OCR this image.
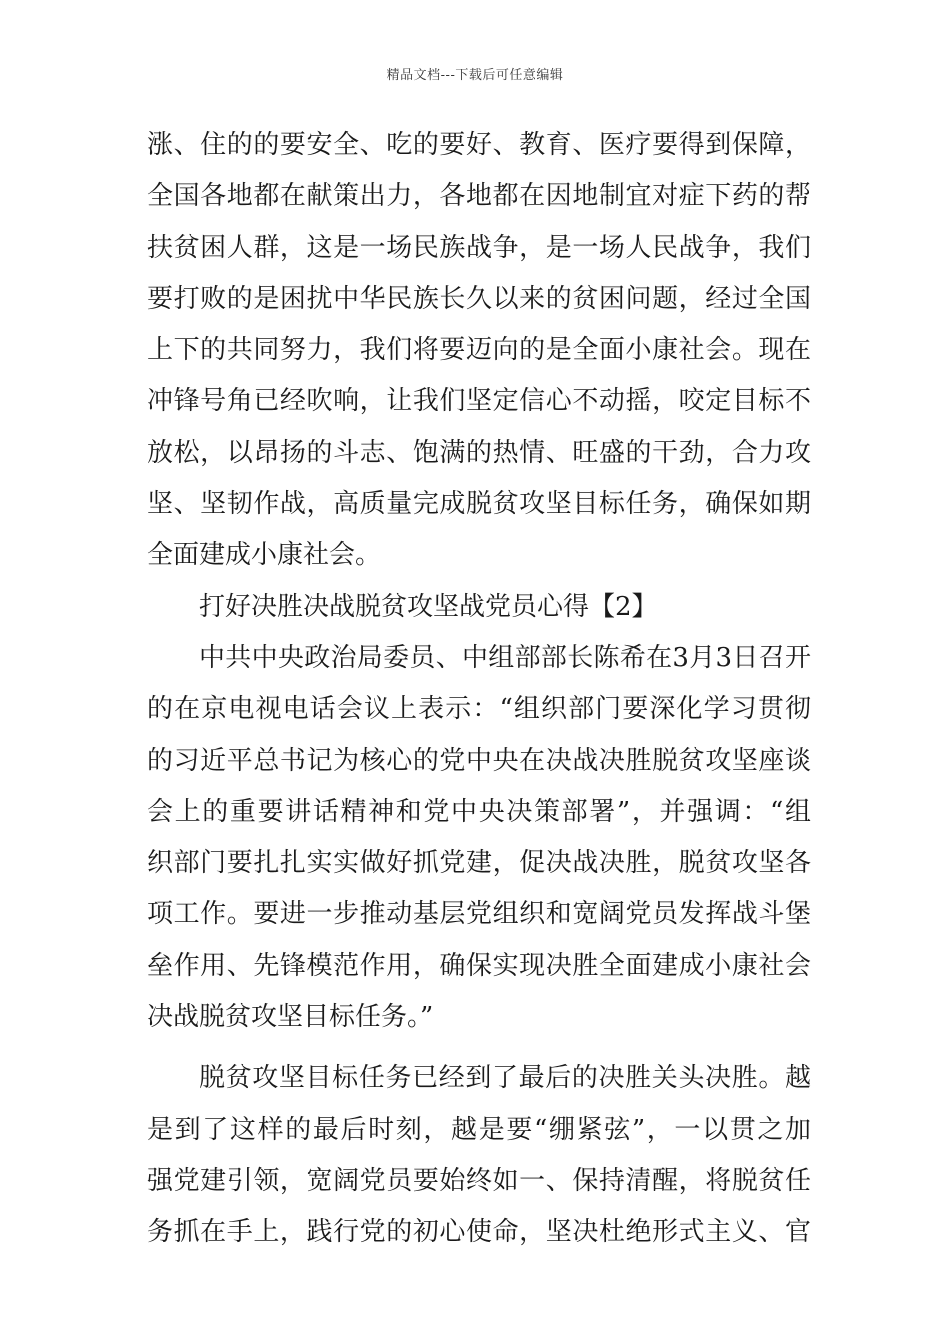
精品文档---下载后可任意编辑
涨、住的的要安全、吃的要好、教育、医疗要得到保障，
全国各地都在献策出力，各地都在因地制宜对症下药的帮
扶贫困人群，这是一场民族战争，是一场人民战争，我们
要打败的是困扰中华民族长久以来的贫困问题，经过全国
上下的共同努力，我们将要迈向的是全面小康社会。现在
冲锋号角已经吹响，让我们坚定信心不动摇，咬定目标不
放松，以昂扬的斗志、饱满的热情、旺盛的干劲，合力攻
坚、坚韧作战，高质量完成脱贫攻坚目标任务，确保如期
全面建成小康社会。
打好决胜决战脱贫攻坚战党员心得【2】
中共中央政治局委员、中组部部长陈希在3月3日召开
的在京电视电话会议上表示：“组织部门要深化学习贯彻
的习近平总书记为核心的党中央在决战决胜脱贫攻坚座谈
会上的重要讲话精神和党中央决策部署”，并强调：“组
织部门要扎扎实实做好抓党建，促决战决胜，脱贫攻坚各
项工作。要进一步推动基层党组织和宽阔党员发挥战斗堡
垒作用、先锋模范作用，确保实现决胜全面建成小康社会
决战脱贫攻坚目标任务。”
脱贫攻坚目标任务已经到了最后的决胜关头决胜。越
是到了这样的最后时刻，越是要“绷紧弦”，一以贯之加
强党建引领，宽阔党员要始终如一、保持清醒，将脱贫任
务抓在手上，践行党的初心使命，坚决杜绝形式主义、官
